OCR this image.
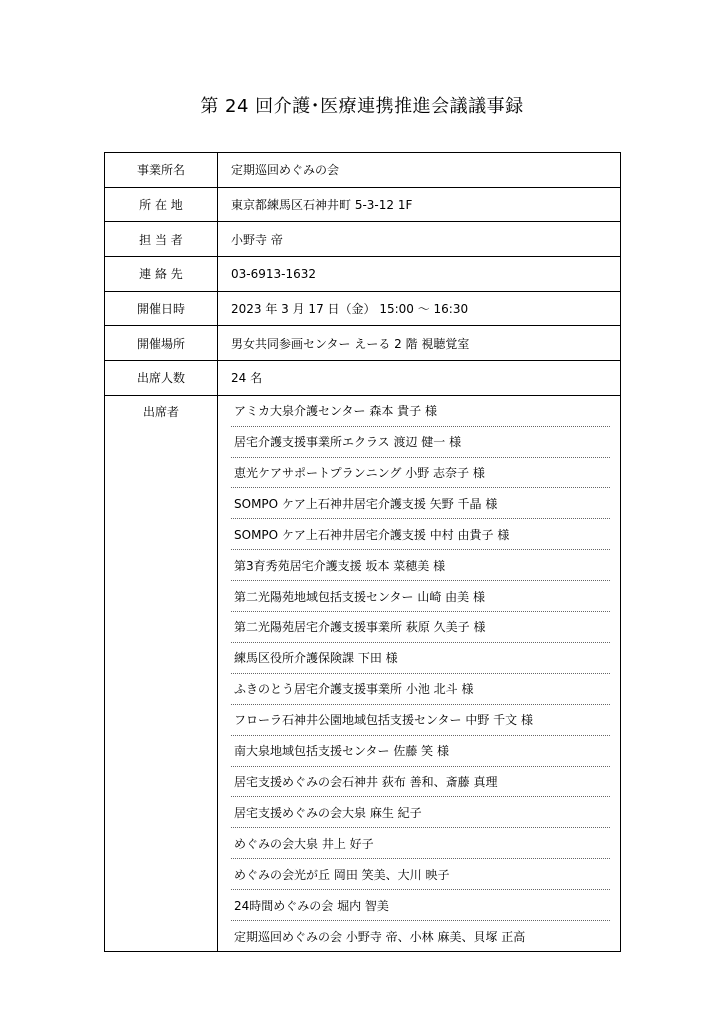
第 24 回介護･医療連携推進会議議事録
事業所名	定期巡回めぐみの会
所 在 地	東京都練馬区石神井町 5-3-12 1F
担 当 者	小野寺 帝
連 絡 先	03-6913-1632
開催日時	2023 年 3 月 17 日（金） 15:00 ～ 16:30
開催場所	男女共同参画センター えーる 2 階 視聴覚室
出席人数	24 名
出席者	アミカ大泉介護センター 森本 貴子 様
居宅介護支援事業所エクラス 渡辺 健一 様
恵光ケアサポートプランニング 小野 志奈子 様
SOMPO ケア上石神井居宅介護支援 矢野 千晶 様
SOMPO ケア上石神井居宅介護支援 中村 由貴子 様
第3育秀苑居宅介護支援 坂本 菜穂美 様
第二光陽苑地域包括支援センター 山崎 由美 様
第二光陽苑居宅介護支援事業所 萩原 久美子 様
練馬区役所介護保険課 下田 様
ふきのとう居宅介護支援事業所 小池 北斗 様
フローラ石神井公園地域包括支援センター 中野 千文 様
南大泉地域包括支援センター 佐藤 笑 様
居宅支援めぐみの会石神井 荻布 善和、斎藤 真理
居宅支援めぐみの会大泉 麻生 紀子
めぐみの会大泉 井上 好子
めぐみの会光が丘 岡田 笑美、大川 映子
24時間めぐみの会 堀内 智美
定期巡回めぐみの会 小野寺 帝、小林 麻美、貝塚 正高
